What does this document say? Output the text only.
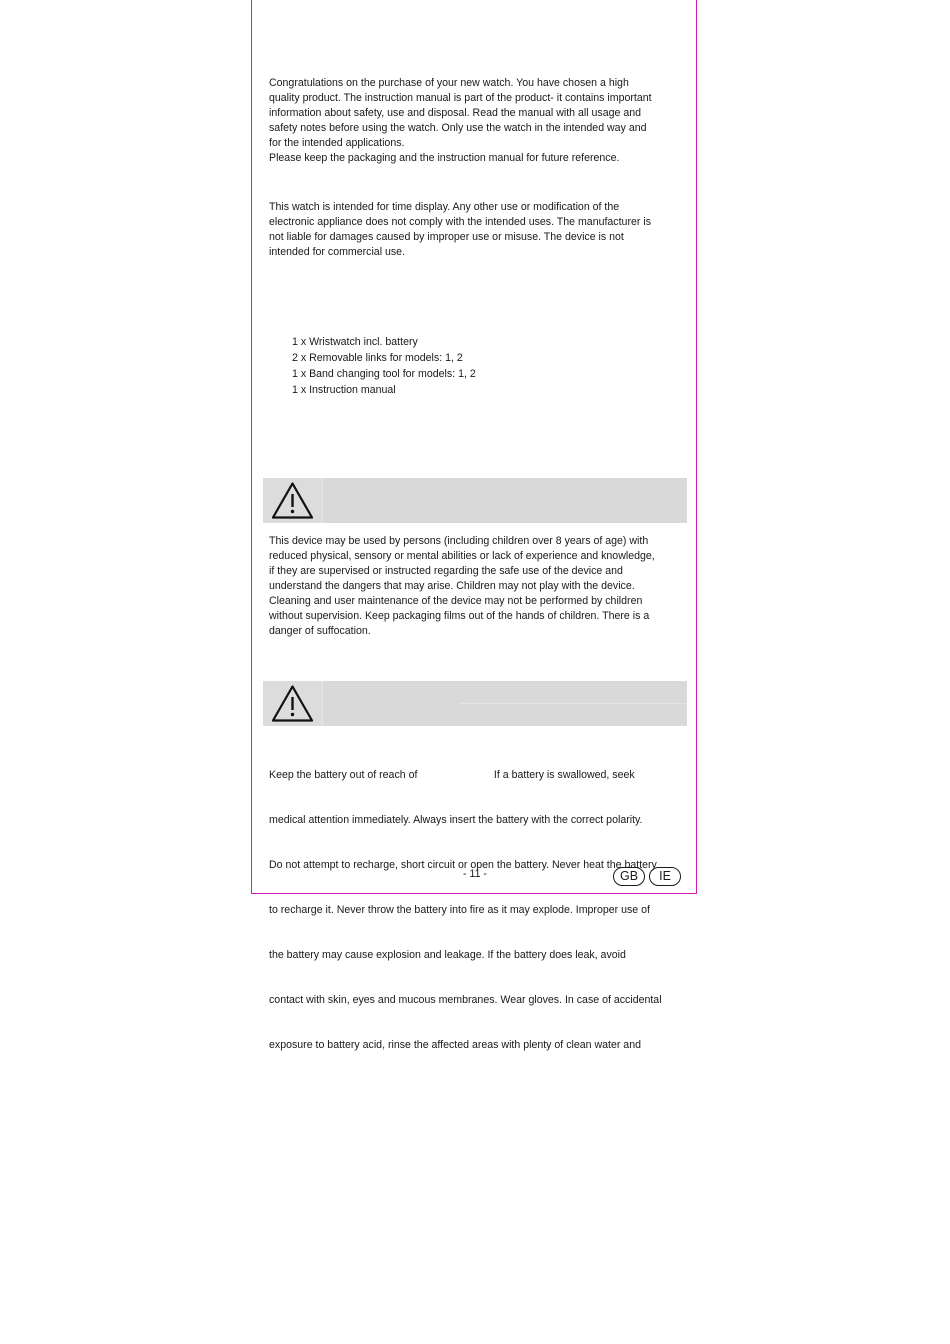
Congratulations on the purchase of your new watch. You have chosen a high

quality product. The instruction manual is part of the product- it contains important

information about safety, use and disposal. Read the manual with all usage and

safety notes before using the watch. Only use the watch in the intended way and

for the intended applications.

Please keep the packaging and the instruction manual for future reference.

This watch is intended for time display. Any other use or modification of the

electronic appliance does not comply with the intended uses. The manufacturer is

not liable for damages caused by improper use or misuse. The device is not

intended for commercial use.

1 x Wristwatch incl. battery
2 x Removable links for models: 1, 2
1 x Band changing tool for models: 1, 2
1 x Instruction manual

This device may be used by persons (including children over 8 years of age) with

reduced physical, sensory or mental abilities or lack of experience and knowledge,

if they are supervised or instructed regarding the safe use of the device and

understand the dangers that may arise. Children may not play with the device.

Cleaning and user maintenance of the device may not be performed by children

without supervision. Keep packaging films out of the hands of children. There is a

danger of suffocation.

Keep the battery out of reach of                          If a battery is swallowed, seek

medical attention immediately. Always insert the battery with the correct polarity.

Do not attempt to recharge, short circuit or open the battery. Never heat the battery

to recharge it. Never throw the battery into fire as it may explode. Improper use of

the battery may cause explosion and leakage. If the battery does leak, avoid

contact with skin, eyes and mucous membranes. Wear gloves. In case of accidental

exposure to battery acid, rinse the affected areas with plenty of clean water and

- 11 -	GB	IE
